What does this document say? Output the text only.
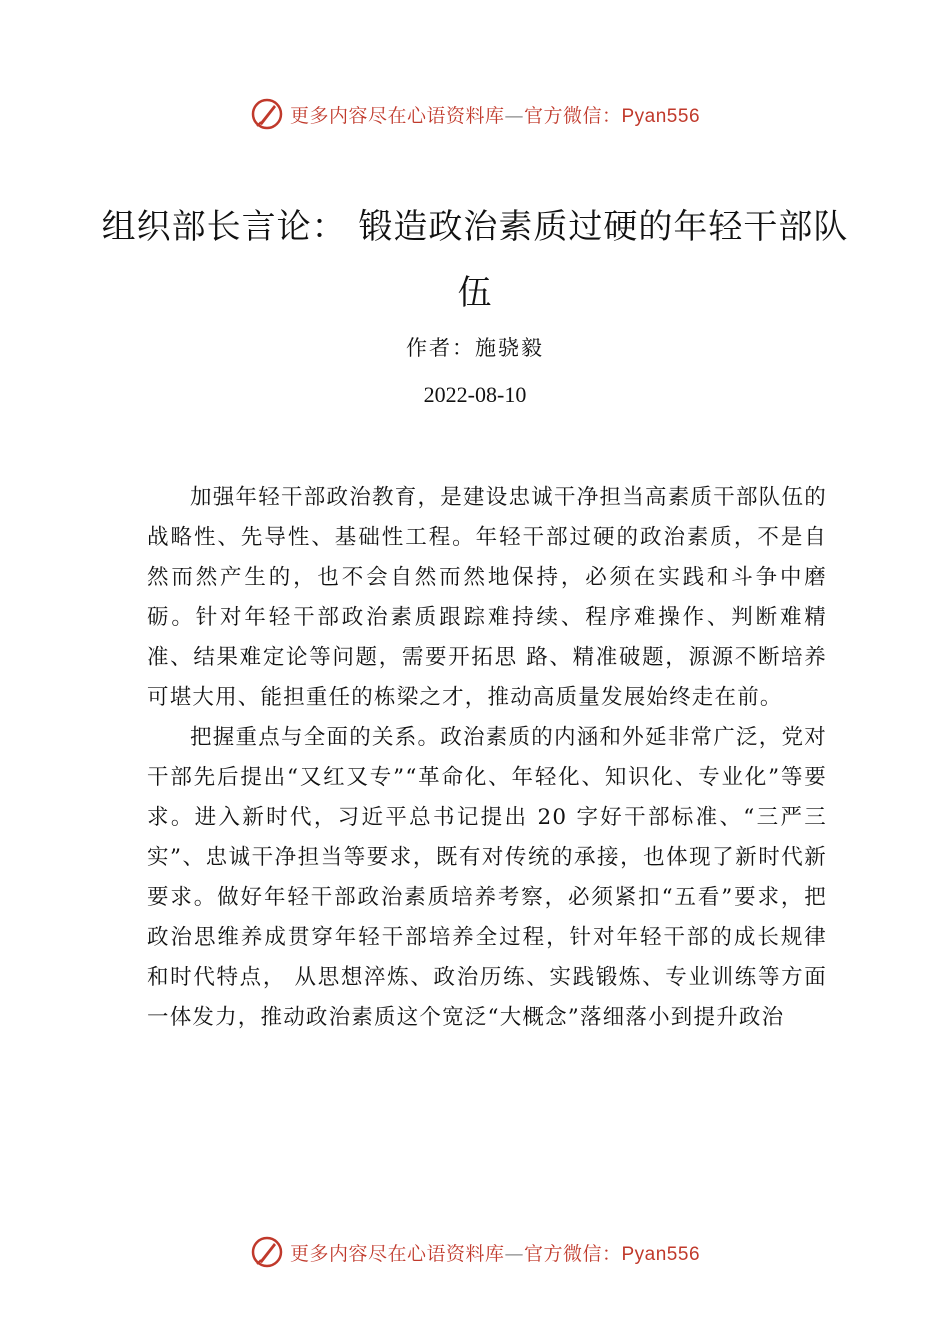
更多内容尽在心语资料库—官方微信：Pyan556
组织部长言论： 锻造政治素质过硬的年轻干部队伍
作者：施骁毅
2022-08-10

加强年轻干部政治教育，是建设忠诚干净担当高素质干部队伍的战略性、先导性、基础性工程。年轻干部过硬的政治素质，不是自然而然产生的，也不会自然而然地保持，必须在实践和斗争中磨砺。针对年轻干部政治素质跟踪难持续、程序难操作、判断难精准、结果难定论等问题，需要开拓思 路、精准破题，源源不断培养可堪大用、能担重任的栋梁之才，推动高质量发展始终走在前。

把握重点与全面的关系。政治素质的内涵和外延非常广泛，党对干部先后提出“又红又专”“革命化、年轻化、知识化、专业化”等要求。进入新时代，习近平总书记提出 20 字好干部标准、“三严三实”、忠诚干净担当等要求，既有对传统的承接，也体现了新时代新要求。做好年轻干部政治素质培养考察，必须紧扣“五看”要求，把政治思维养成贯穿年轻干部培养全过程，针对年轻干部的成长规律和时代特点， 从思想淬炼、政治历练、实践锻炼、专业训练等方面一体发力，推动政治素质这个宽泛“大概念”落细落小到提升政治

更多内容尽在心语资料库—官方微信：Pyan556
